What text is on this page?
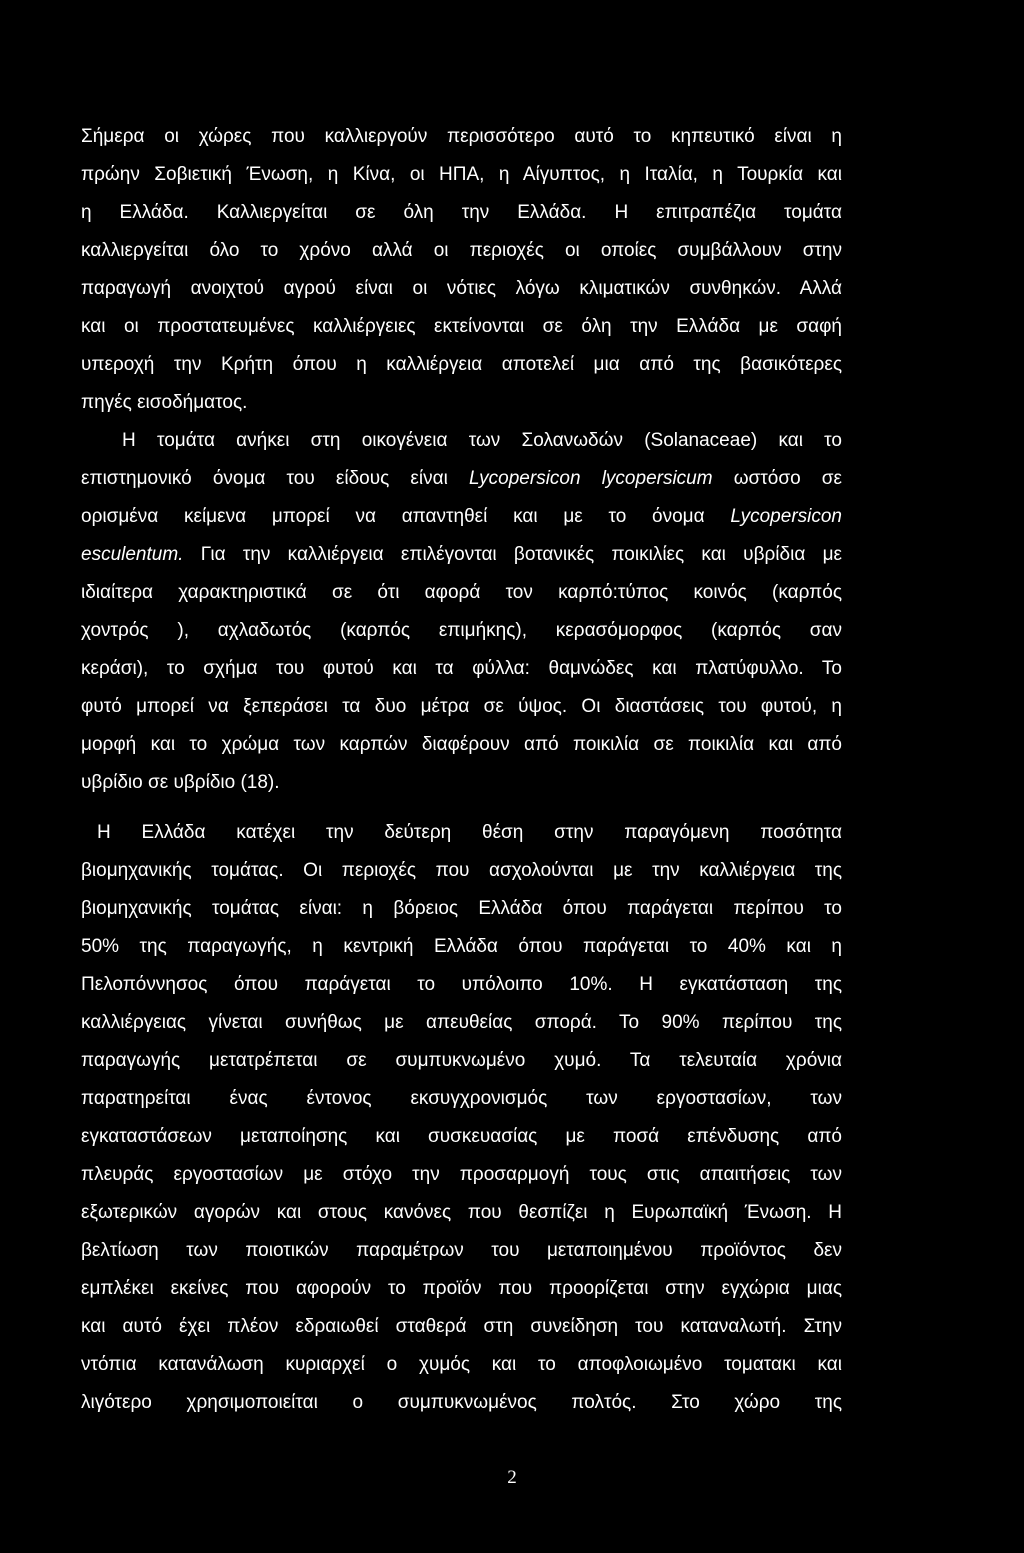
Σήμερα οι χώρες που καλλιεργούν περισσότερο αυτό το κηπευτικό είναι η

πρώην Σοβιετική Ένωση, η Κίνα, οι ΗΠΑ, η Αίγυπτος, η Ιταλία, η Τουρκία και

η Ελλάδα. Καλλιεργείται σε όλη την Ελλάδα. Η επιτραπέζια τομάτα

καλλιεργείται όλο το χρόνο αλλά οι περιοχές οι οποίες συμβάλλουν στην

παραγωγή ανοιχτού αγρού είναι οι νότιες λόγω κλιματικών συνθηκών. Αλλά

και οι προστατευμένες καλλιέργειες εκτείνονται σε όλη την Ελλάδα με σαφή

υπεροχή την Κρήτη όπου η καλλιέργεια αποτελεί μια από της βασικότερες

πηγές εισοδήματος.

Η τομάτα ανήκει στη οικογένεια των Σολανωδών (Solanaceae) και το

επιστημονικό όνομα του είδους είναι Lycopersicon lycopersicum ωστόσο σε

ορισμένα κείμενα μπορεί να απαντηθεί και με το όνομα Lycopersicon

esculentum. Για την καλλιέργεια επιλέγονται βοτανικές ποικιλίες και υβρίδια με

ιδιαίτερα χαρακτηριστικά σε ότι αφορά τον καρπό:τύπος κοινός (καρπός

χοντρός ), αχλαδωτός (καρπός επιμήκης), κερασόμορφος (καρπός σαν

κεράσι), το σχήμα του φυτού και τα φύλλα: θαμνώδες και πλατύφυλλο. Το

φυτό μπορεί να ξεπεράσει τα δυο μέτρα σε ύψος. Οι διαστάσεις του φυτού, η

μορφή και το χρώμα των καρπών διαφέρουν από ποικιλία σε ποικιλία και από

υβρίδιο σε υβρίδιο (18).

Η Ελλάδα κατέχει την δεύτερη θέση στην παραγόμενη ποσότητα

βιομηχανικής τομάτας. Οι περιοχές που ασχολούνται με την καλλιέργεια της

βιομηχανικής τομάτας είναι: η βόρειος Ελλάδα όπου παράγεται περίπου το

50% της παραγωγής, η κεντρική Ελλάδα όπου παράγεται το 40% και η

Πελοπόννησος όπου παράγεται το υπόλοιπο 10%. Η εγκατάσταση της

καλλιέργειας γίνεται συνήθως με απευθείας σπορά. Το 90% περίπου της

παραγωγής μετατρέπεται σε συμπυκνωμένο χυμό. Τα τελευταία χρόνια

παρατηρείται ένας έντονος εκσυγχρονισμός των εργοστασίων, των

εγκαταστάσεων μεταποίησης και συσκευασίας με ποσά επένδυσης από

πλευράς εργοστασίων με στόχο την προσαρμογή τους στις απαιτήσεις των

εξωτερικών αγορών και στους κανόνες που θεσπίζει η Ευρωπαϊκή Ένωση. Η

βελτίωση των ποιοτικών παραμέτρων του μεταποιημένου προϊόντος δεν

εμπλέκει εκείνες που αφορούν το προϊόν που προορίζεται στην εγχώρια μιας

και αυτό έχει πλέον εδραιωθεί σταθερά στη συνείδηση του καταναλωτή. Στην

ντόπια κατανάλωση κυριαρχεί ο χυμός και το αποφλοιωμένο τοματακι και

λιγότερο χρησιμοποιείται ο συμπυκνωμένος πολτός. Στο χώρο της

2
